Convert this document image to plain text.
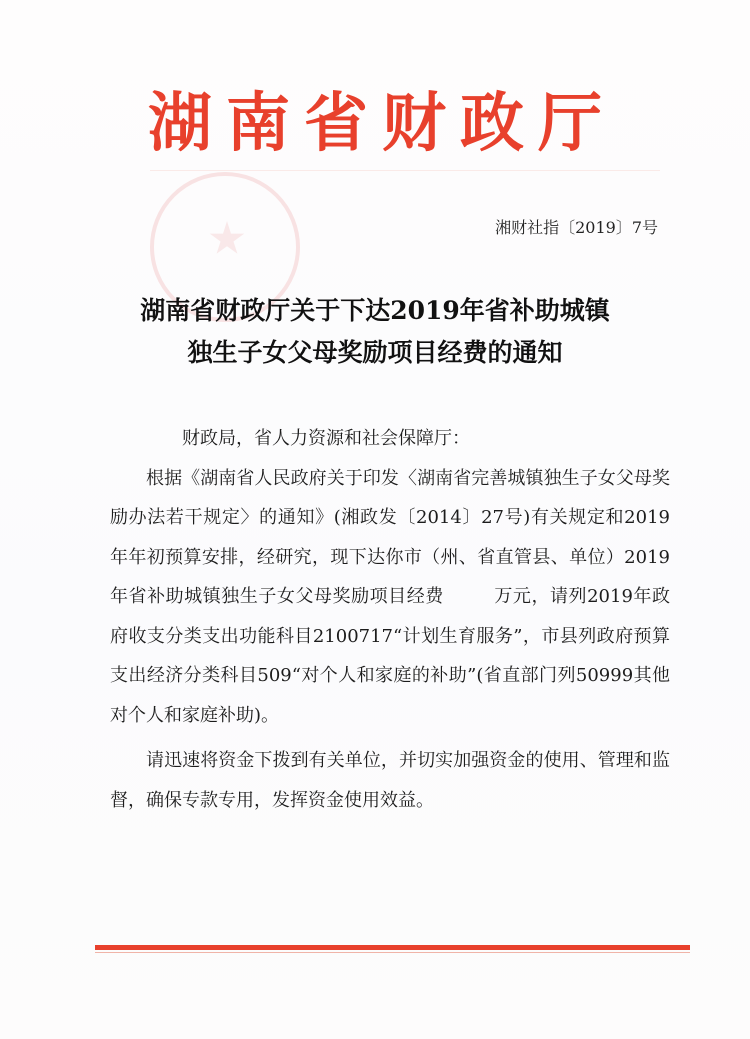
湖南省财政厅
湘财社指〔2019〕7号
湖南省财政厅关于下达2019年省补助城镇
独生子女父母奖励项目经费的通知

财政局，省人力资源和社会保障厅：

根据《湖南省人民政府关于印发〈湖南省完善城镇独生子女父母奖励办法若干规定〉的通知》(湘政发〔2014〕27号)有关规定和2019年年初预算安排，经研究，现下达你市（州、省直管县、单位）2019年省补助城镇独生子女父母奖励项目经费	万元，请列2019年政府收支分类支出功能科目2100717“计划生育服务”，市县列政府预算支出经济分类科目509“对个人和家庭的补助”(省直部门列50999其他对个人和家庭补助)。

请迅速将资金下拨到有关单位，并切实加强资金的使用、管理和监督，确保专款专用，发挥资金使用效益。
